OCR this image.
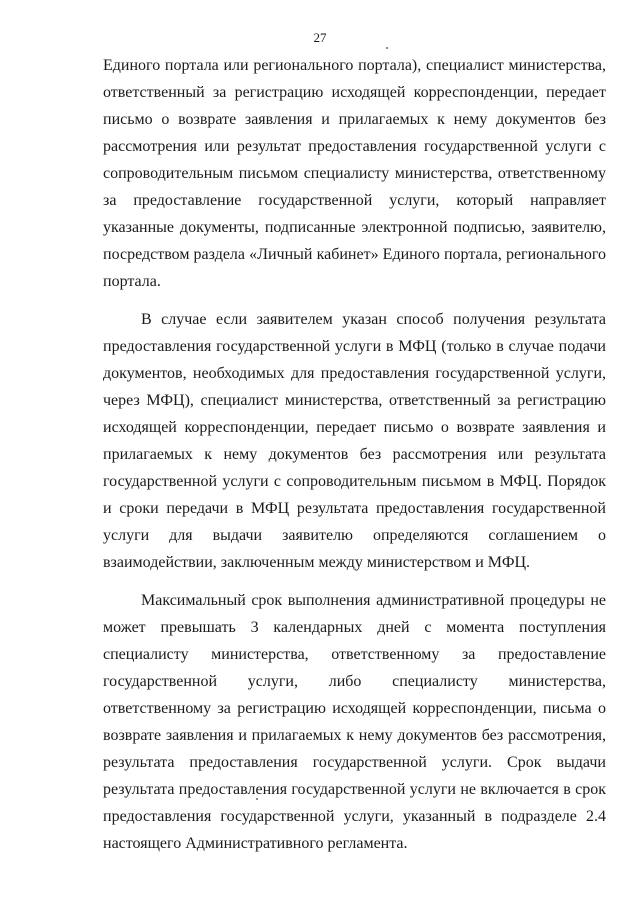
27

Единого портала или регионального портала), специалист министерства, ответственный за регистрацию исходящей корреспонденции, передает письмо о возврате заявления и прилагаемых к нему документов без рассмотрения или результат предоставления государственной услуги с сопроводительным письмом специалисту министерства, ответственному за предоставление государственной услуги, который направляет указанные документы, подписанные электронной подписью, заявителю, посредством раздела «Личный кабинет» Единого портала, регионального портала.

В случае если заявителем указан способ получения результата предоставления государственной услуги в МФЦ (только в случае подачи документов, необходимых для предоставления государственной услуги, через МФЦ), специалист министерства, ответственный за регистрацию исходящей корреспонденции, передает письмо о возврате заявления и прилагаемых к нему документов без рассмотрения или результата государственной услуги с сопроводительным письмом в МФЦ. Порядок и сроки передачи в МФЦ результата предоставления государственной услуги для выдачи заявителю определяются соглашением о взаимодействии, заключенным между министерством и МФЦ.

Максимальный срок выполнения административной процедуры не может превышать 3 календарных дней с момента поступления специалисту министерства, ответственному за предоставление государственной услуги, либо специалисту министерства, ответственному за регистрацию исходящей корреспонденции, письма о возврате заявления и прилагаемых к нему документов без рассмотрения, результата предоставления государственной услуги. Срок выдачи результата предоставления государственной услуги не включается в срок предоставления государственной услуги, указанный в подразделе 2.4 настоящего Административного регламента.
